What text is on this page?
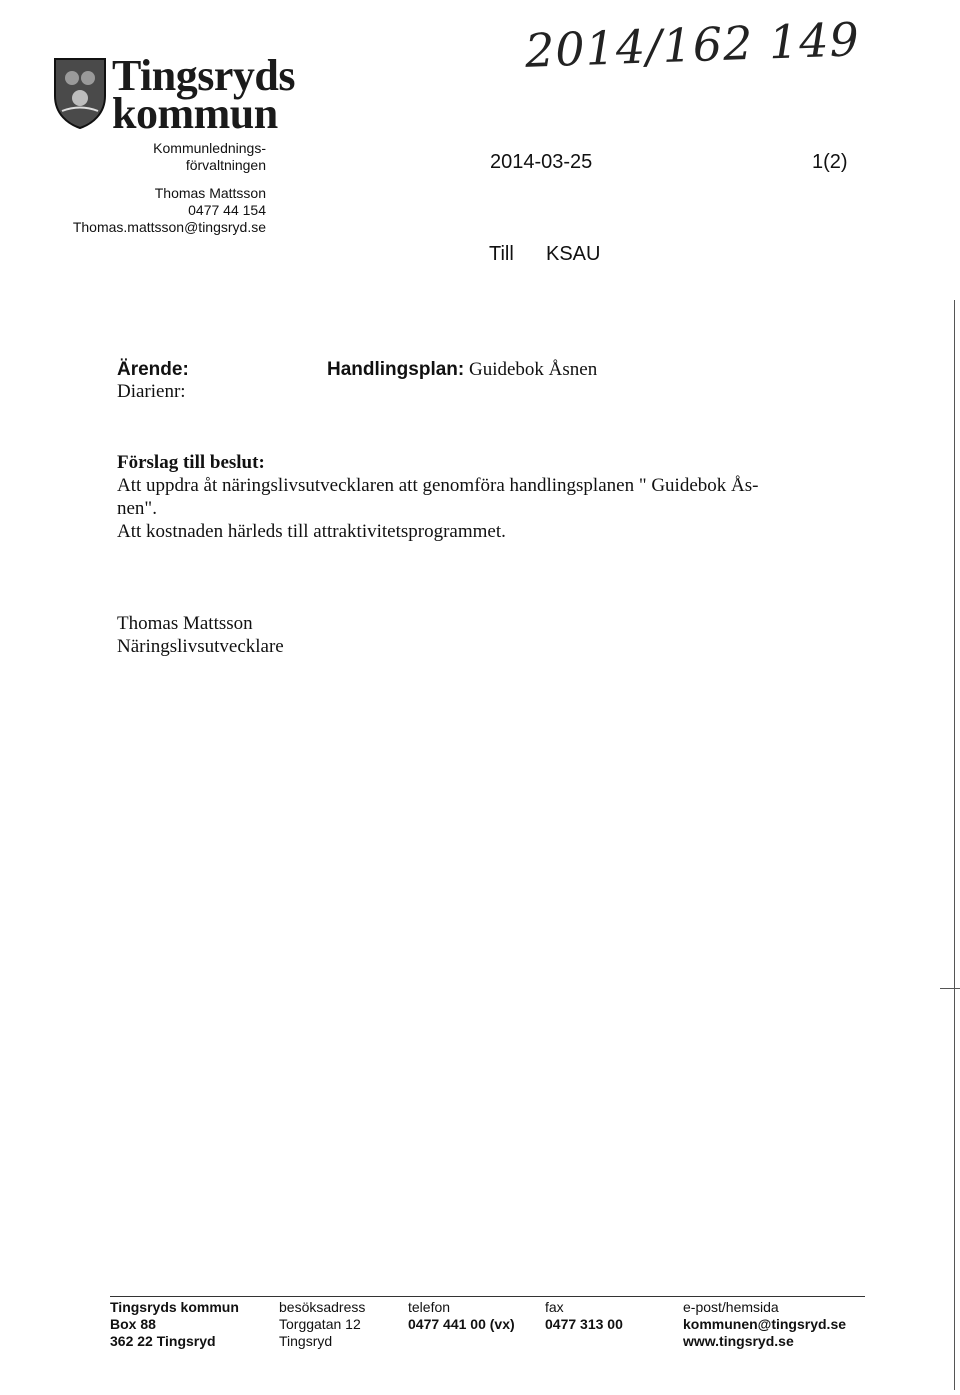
Tingsryds
kommun
Kommunlednings-
förvaltningen
Thomas Mattsson
0477 44 154
Thomas.mattsson@tingsryd.se
2014/162 149
2014-03-25	1(2)
Till KSAU
Ärende:
Diarienr:
Handlingsplan: Guidebok Åsnen
Förslag till beslut:
Att uppdra åt näringslivsutvecklaren att genomföra handlingsplanen " Guidebok Ås-
nen".
Att kostnaden härleds till attraktivitetsprogrammet.
Thomas Mattsson
Näringslivsutvecklare
Tingsryds kommun
Box 88
362 22 Tingsryd
besöksadress
Torggatan 12
Tingsryd
telefon
0477 441 00 (vx)
fax
0477 313 00
e-post/hemsida
kommunen@tingsryd.se
www.tingsryd.se
